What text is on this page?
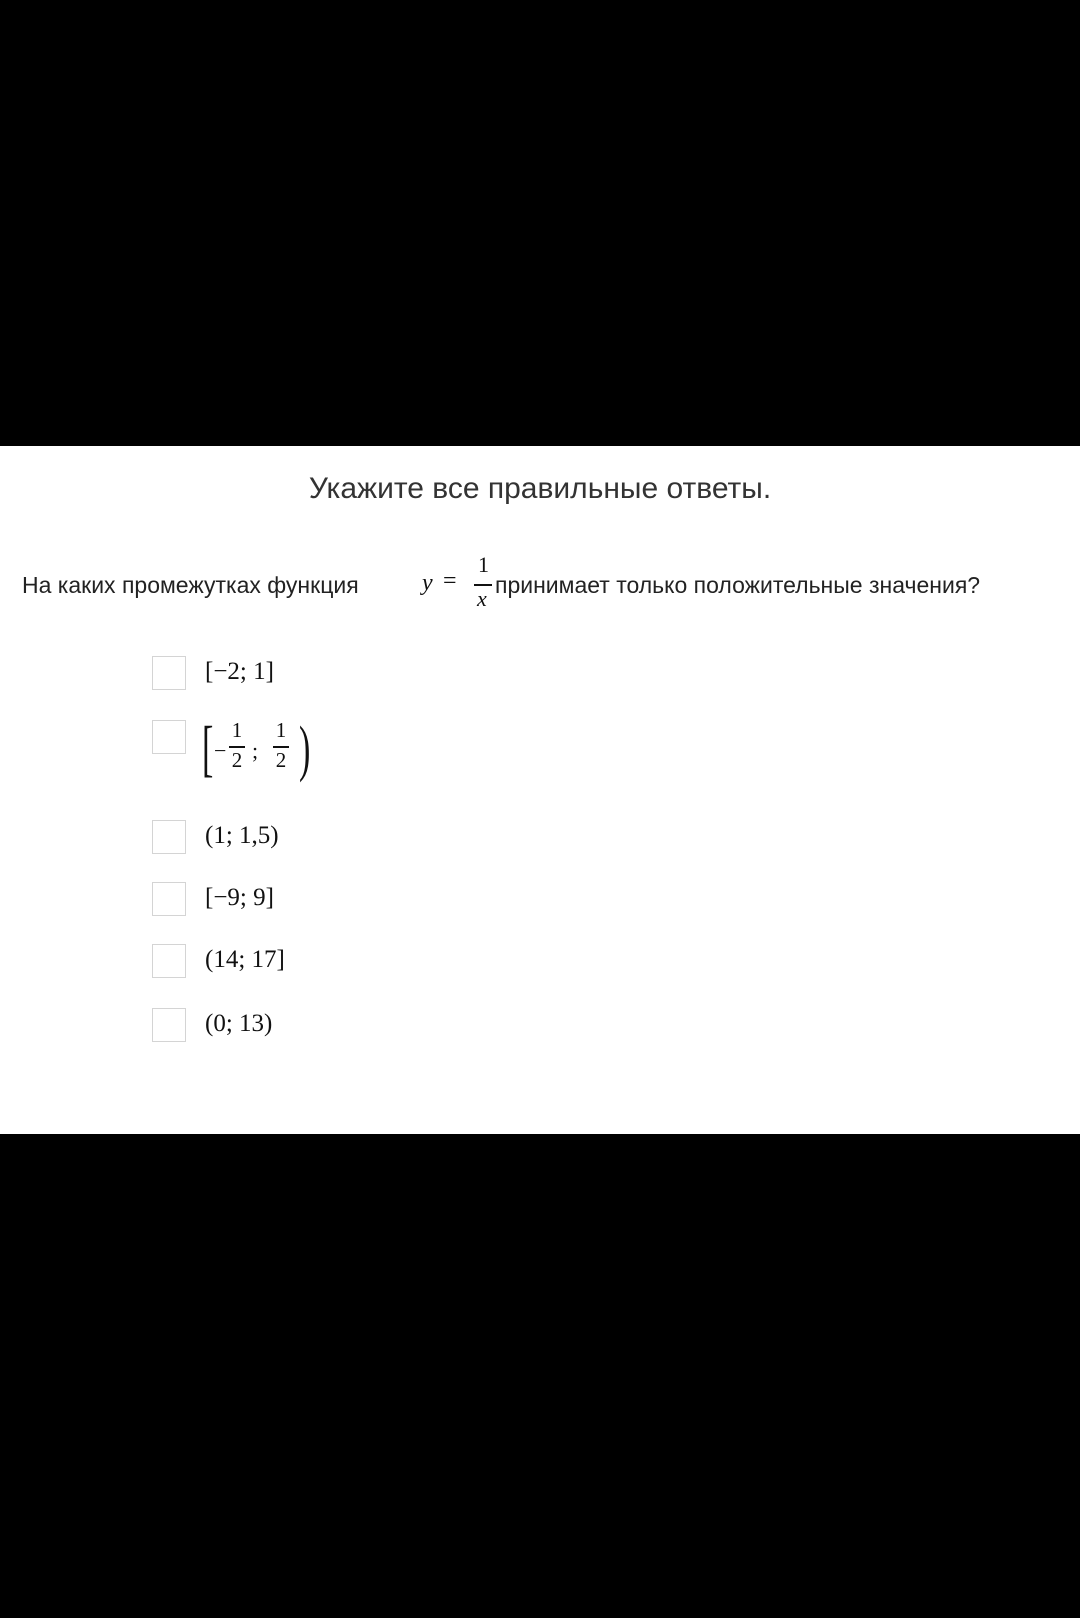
Укажите все правильные ответы.
На каких промежутках функция	y =
1
x
принимает только положительные значения?
[−2; 1]
[ −
1
2 ;
1
2 )
(1; 1,5)
[−9; 9]
(14; 17]
(0; 13)
